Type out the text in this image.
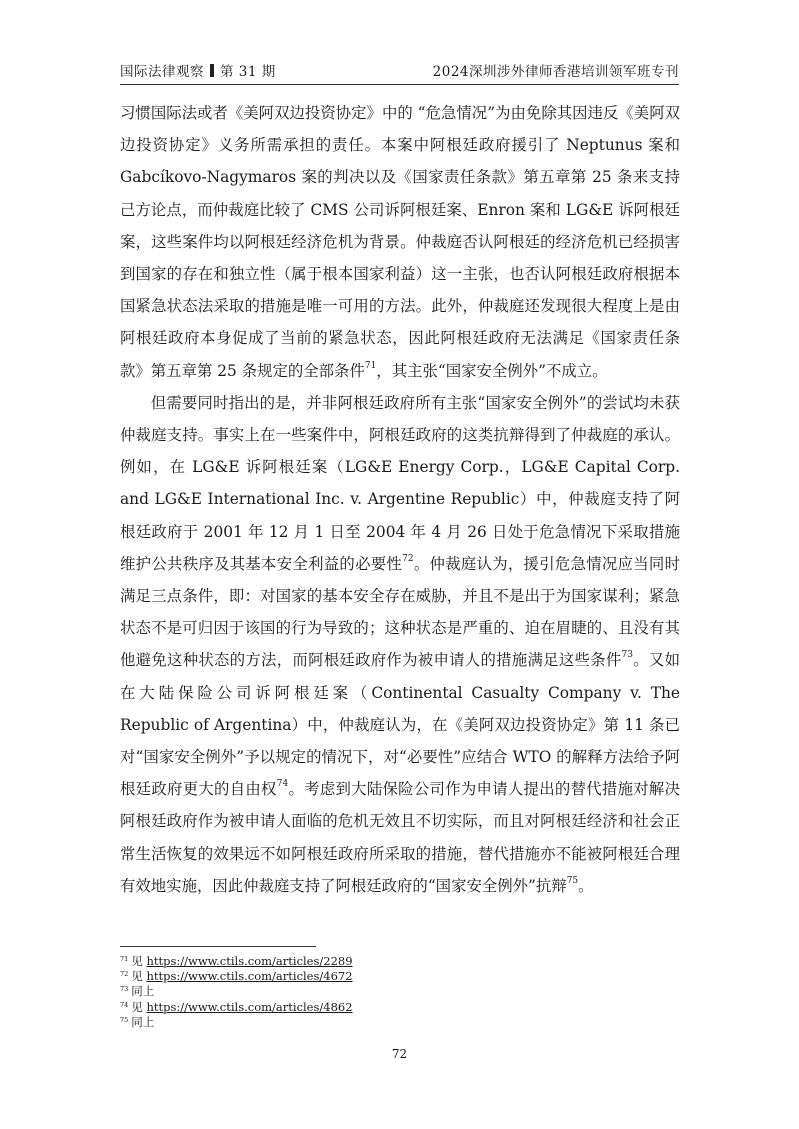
国际法律观察 第 31 期	2024深圳涉外律师香港培训领军班专刊

习惯国际法或者《美阿双边投资协定》中的 “危急情况”为由免除其因违反《美阿双边投资协定》义务所需承担的责任。本案中阿根廷政府援引了 Neptunus 案和 Gabcíkovo-Nagymaros 案的判决以及《国家责任条款》第五章第 25 条来支持己方论点，而仲裁庭比较了 CMS 公司诉阿根廷案、Enron 案和 LG&E 诉阿根廷案，这些案件均以阿根廷经济危机为背景。仲裁庭否认阿根廷的经济危机已经损害到国家的存在和独立性（属于根本国家利益）这一主张，也否认阿根廷政府根据本国紧急状态法采取的措施是唯一可用的方法。此外，仲裁庭还发现很大程度上是由阿根廷政府本身促成了当前的紧急状态，因此阿根廷政府无法满足《国家责任条款》第五章第 25 条规定的全部条件$^{71}$，其主张“国家安全例外”不成立。

但需要同时指出的是，并非阿根廷政府所有主张“国家安全例外”的尝试均未获仲裁庭支持。事实上在一些案件中，阿根廷政府的这类抗辩得到了仲裁庭的承认。例如，在 LG&E 诉阿根廷案（LG&E Energy Corp.，LG&E Capital Corp. and LG&E International Inc. v. Argentine Republic）中，仲裁庭支持了阿根廷政府于 2001 年 12 月 1 日至 2004 年 4 月 26 日处于危急情况下采取措施维护公共秩序及其基本安全利益的必要性$^{72}$。仲裁庭认为，援引危急情况应当同时满足三点条件，即：对国家的基本安全存在威胁，并且不是出于为国家谋利；紧急状态不是可归因于该国的行为导致的；这种状态是严重的、迫在眉睫的、且没有其他避免这种状态的方法，而阿根廷政府作为被申请人的措施满足这些条件$^{73}$。又如在大陆保险公司诉阿根廷案（Continental Casualty Company v. The Republic of Argentina）中，仲裁庭认为，在《美阿双边投资协定》第 11 条已对“国家安全例外”予以规定的情况下，对“必要性”应结合 WTO 的解释方法给予阿根廷政府更大的自由权$^{74}$。考虑到大陆保险公司作为申请人提出的替代措施对解决阿根廷政府作为被申请人面临的危机无效且不切实际，而且对阿根廷经济和社会正常生活恢复的效果远不如阿根廷政府所采取的措施，替代措施亦不能被阿根廷合理有效地实施，因此仲裁庭支持了阿根廷政府的“国家安全例外”抗辩$^{75}$。

$^{71}$ 见 https://www.ctils.com/articles/2289
$^{72}$ 见 https://www.ctils.com/articles/4672
$^{73}$ 同上
$^{74}$ 见 https://www.ctils.com/articles/4862
$^{75}$ 同上
72
